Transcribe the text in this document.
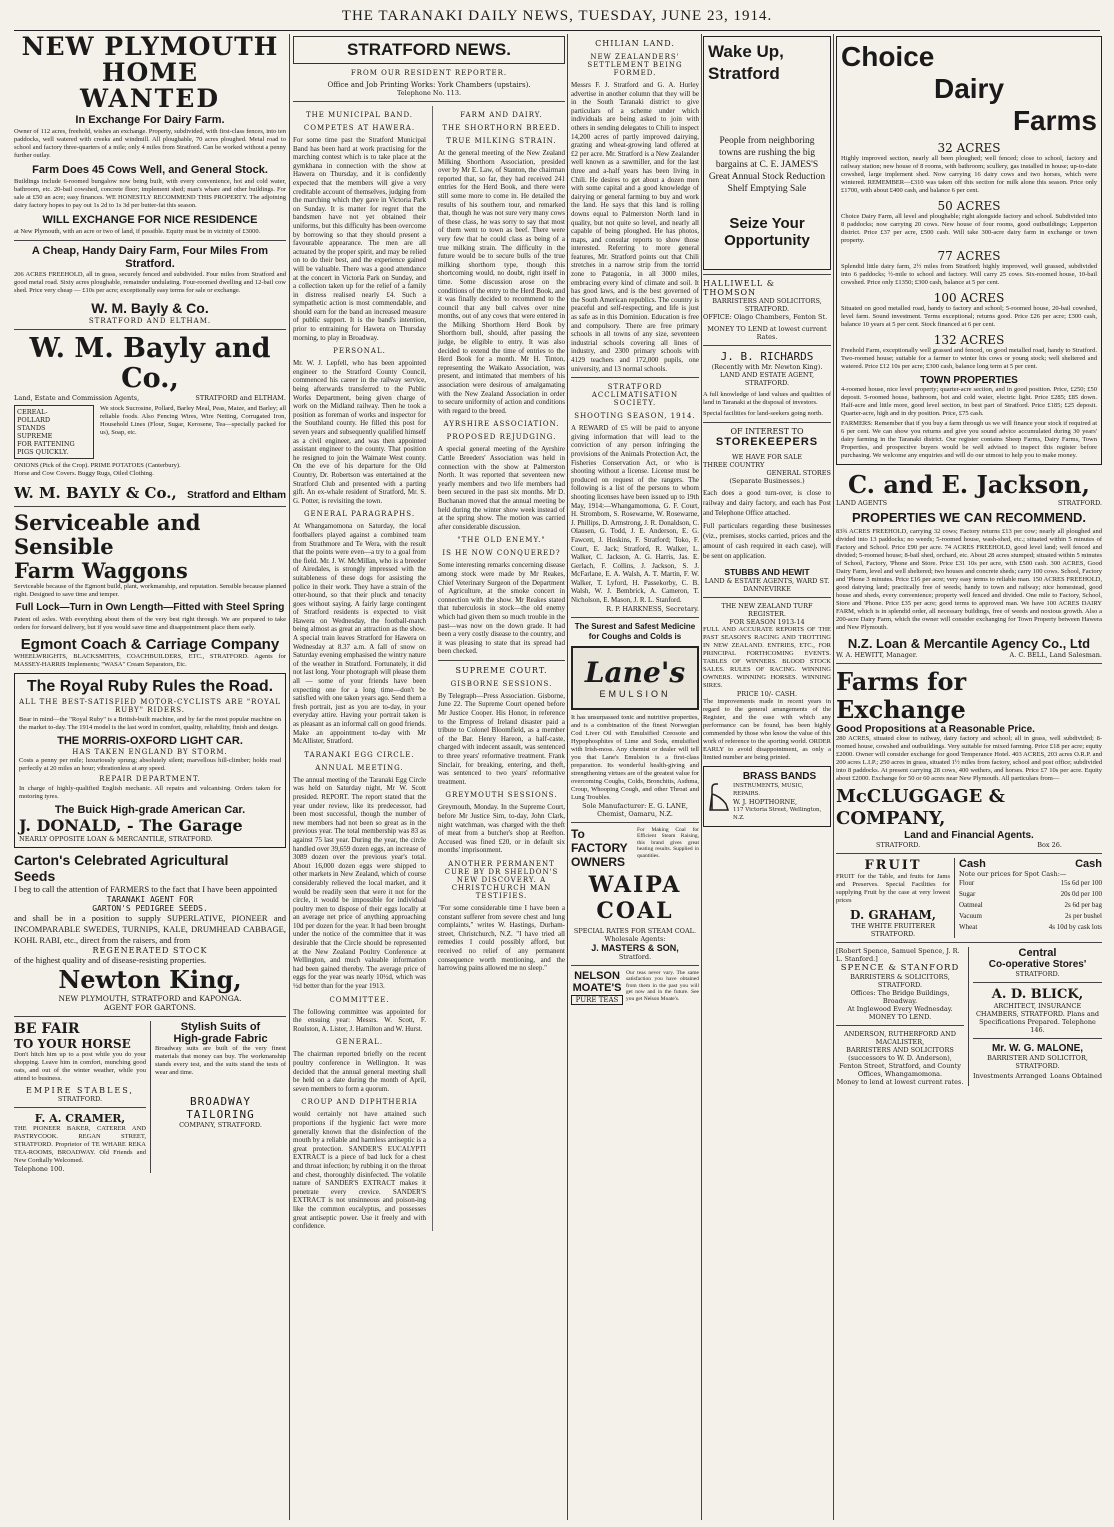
THE TARANAKI DAILY NEWS, TUESDAY, JUNE 23, 1914.
NEW PLYMOUTH HOME
WANTED
In Exchange For Dairy Farm.

Owner of 112 acres, freehold, wishes an exchange. Property, subdivided, with first-class fences, into ten paddocks, well watered with creeks and windmill. All ploughable, 70 acres ploughed. Metal road to school and factory three-quarters of a mile; only 4 miles from Stratford. Can be worked without a penny further outlay.

Farm Does 45 Cows Well, and General Stock.

Buildings include 6-roomed bungalow now being built, with every convenience, hot and cold water, bathroom, etc. 20-bail cowshed, concrete floor; implement shed; man's whare and other buildings. For sale at £50 an acre; easy finances. WE HONESTLY RECOMMEND THIS PROPERTY. The adjoining dairy factory hopes to pay out 1s 2d to 1s 3d per butter-fat this season.

WILL EXCHANGE FOR NICE RESIDENCE

at New Plymouth, with an acre or two of land, if possible. Equity must be in vicinity of £3000.

A Cheap, Handy Dairy Farm, Four Miles From Stratford.

206 ACRES FREEHOLD, all in grass, securely fenced and subdivided. Four miles from Stratford and good metal road. Sixty acres ploughable, remainder undulating. Four-roomed dwelling and 12-bail cow shed. Price very cheap — £10s per acre; exceptionally easy terms for sale or exchange.

W. M. Bayly & Co.
STRATFORD AND ELTHAM.
W. M. Bayly and Co.,
Land, Estate and Commission Agents,	STRATFORD and ELTHAM.
CEREAL-
POLLARD
STANDS
SUPREME
FOR FATTENING
PIGS QUICKLY.

We stock Sucrosine, Pollard, Barley Meal, Peas, Maize, and Barley; all reliable foods. Also Fencing Wires, Wire Netting, Corrugated Iron, Household Lines (Flour, Sugar, Kerosene, Tea—specially packed for us), Soap, etc.

ONIONS (Pick of the Crop). PRIME POTATOES (Canterbury).

Horse and Cow Covers. Buggy Rugs, Oiled Clothing.

W. M. BAYLY & Co., Stratford and Eltham
Serviceable and Sensible
Farm Waggons

Serviceable because of the Egmont build, plant, workmanship, and reputation. Sensible because planned right. Designed to save time and temper.

Full Lock—Turn in Own Length—Fitted with Steel Spring

Patent oil axles. With everything about them of the very best right through. We are prepared to take orders for forward delivery, but if you would save time and disappointment place them early.

Egmont Coach & Carriage Company

WHEELWRIGHTS, BLACKSMITHS, COACHBUILDERS, ETC., STRATFORD. Agents for MASSEY-HARRIS Implements; "WASA" Cream Separators, Etc.

The Royal Ruby Rules the Road.
ALL THE BEST-SATISFIED MOTOR-CYCLISTS ARE "ROYAL RUBY" RIDERS.

Bear in mind—the "Royal Ruby" is a British-built machine, and by far the most popular machine on the market to-day. The 1914 model is the last word in comfort, quality, reliability, finish and design.

THE MORRIS-OXFORD LIGHT CAR.
HAS TAKEN ENGLAND BY STORM.

Costs a penny per mile; luxuriously sprung; absolutely silent; marvellous hill-climber; holds road perfectly at 20 miles an hour; vibrationless at any speed.

REPAIR DEPARTMENT.

In charge of highly-qualified English mechanic. All repairs and vulcanising. Orders taken for motoring tyres.

The Buick High-grade American Car.
J. DONALD, - The Garage
NEARLY OPPOSITE LOAN & MERCANTILE, STRATFORD.
Carton's Celebrated Agricultural
Seeds

I beg to call the attention of FARMERS to the fact that I have been appointed

TARANAKI AGENT FOR
GARTON'S PEDIGREE SEEDS.

and shall be in a position to supply SUPERLATIVE, PIONEER and INCOMPARABLE SWEDES, TURNIPS, KALE, DRUMHEAD CABBAGE, KOHL RABI, etc., direct from the raisers, and from

REGENERATED STOCK

of the highest quality and of disease-resisting properties.

Newton King,
NEW PLYMOUTH, STRATFORD and KAPONGA.
AGENT FOR GARTONS.
BE FAIR
TO YOUR HORSE

Don't hitch him up to a post while you do your shopping. Leave him in comfort, munching good oats, and out of the winter weather, while you attend to business.

EMPIRE STABLES,
STRATFORD.
F. A. CRAMER,

THE PIONEER BAKER, CATERER AND PASTRYCOOK. REGAN STREET, STRATFORD. Proprietor of TE WHARE REKA TEA-ROOMS, BROADWAY. Old Friends and New Cordially Welcomed.

Telephone 100.
Stylish Suits of
High-grade Fabric

Broadway suits are built of the very finest materials that money can buy. The workmanship stands every test, and the suits stand the tests of wear and time.

BROADWAY
TAILORING
COMPANY, STRATFORD.
STRATFORD NEWS.
FROM OUR RESIDENT REPORTER.
Office and Job Printing Works: York Chambers (upstairs).
Telephone No. 113.
THE MUNICIPAL BAND.
COMPETES AT HAWERA.

For some time past the Stratford Municipal Band has been hard at work practising for the marching contest which is to take place at the gymkhana in connection with the show at Hawera on Thursday, and it is confidently expected that the members will give a very creditable account of themselves, judging from the marching which they gave in Victoria Park on Sunday. It is matter for regret that the bandsmen have not yet obtained their uniforms, but this difficulty has been overcome by borrowing so that they should present a favourable appearance. The men are all actuated by the proper spirit, and may be relied on to do their best, and the experience gained will be valuable. There was a good attendance at the concert in Victoria Park on Sunday, and a collection taken up for the relief of a family in distress realised nearly £4. Such a sympathetic action is most commendable, and should earn for the band an increased measure of public support. It is the band's intention, prior to entraining for Hawera on Thursday morning, to play in Broadway.

PERSONAL.

Mr. W. J. Lepfell, who has been appointed engineer to the Stratford County Council, commenced his career in the railway service, being afterwards transferred to the Public Works Department, being given charge of work on the Midland railway. Then he took a position as foreman of works and inspector for the Southland county. He filled this post for seven years and subsequently qualified himself as a civil engineer, and was then appointed assistant engineer to the county. That position he resigned to join the Waimate West county. On the eve of his departure for the Old Country, Dr. Robertson was entertained at the Stratford Club and presented with a parting gift. An ex-whale resident of Stratford, Mr. S. G. Potter, is revisiting the town.

GENERAL PARAGRAPHS.

At Whangamomona on Saturday, the local footballers played against a combined team from Strathmore and Te Wera, with the result that the points were even—a try to a goal from the field. Mr. J. W. McMillan, who is a breeder of Airedales, is strongly impressed with the suitableness of these dogs for assisting the police in their work. They have a strain of the otter-hound, so that their pluck and tenacity goes without saying. A fairly large contingent of Stratford residents is expected to visit Hawera on Wednesday, the football-match being almost as great an attraction as the show. A special train leaves Stratford for Hawera on Wednesday at 8.37 a.m. A fall of snow on Saturday evening emphasised the wintry nature of the weather in Stratford. Fortunately, it did not last long. Your photograph will please them all — some of your friends have been expecting one for a long time—don't be satisfied with one taken years ago. Send them a fresh portrait, just as you are to-day, in your everyday attire. Having your portrait taken is as pleasant as an informal call on good friends. Make an appointment to-day with Mr McAllister, Stratford.

TARANAKI EGG CIRCLE.
ANNUAL MEETING.

The annual meeting of the Taranaki Egg Circle was held on Saturday night, Mr W. Scott presided. REPORT. The report stated that the year under review, like its predecessor, had been most successful, though the number of new members had not been so great as in the previous year. The total membership was 83 as against 75 last year. During the year, the circle handled over 39,659 dozen eggs, an increase of 3089 dozen over the previous year's total. About 16,000 dozen eggs were shipped to other markets in New Zealand, which of course considerably relieved the local market, and it would be readily seen that were it not for the circle, it would be impossible for individual poultry men to dispose of their eggs locally at an average net price of anything approaching 10d per dozen for the year. It had been brought under the notice of the committee that it was desirable that the Circle should be represented at the New Zealand Poultry Conference at Wellington, and much valuable information had been gained thereby. The average price of eggs for the year was nearly 10½d, which was ½d better than for the year 1913.

COMMITTEE.

The following committee was appointed for the ensuing year: Messrs. W. Scott, F. Roulston, A. Lister, J. Hamilton and W. Hurst.

GENERAL.

The chairman reported briefly on the recent poultry conference in Wellington. It was decided that the annual general meeting shall be held on a date during the month of April, seven members to form a quorum.

CROUP AND DIPHTHERIA

would certainly not have attained such proportions if the hygienic fact were more generally known that the disinfection of the mouth by a reliable and harmless antiseptic is a great protection. SANDER'S EUCALYPTI EXTRACT is a piece of bad luck for a chest and throat infection; by rubbing it on the throat and chest, thoroughly disinfected. The volatile nature of SANDER'S EXTRACT makes it penetrate every crevice. SANDER'S EXTRACT is not unsinneous and poison-ing like the common eucalyptus, and possesses great antiseptic power. Use it freely and with confidence.

FARM AND DAIRY.
THE SHORTHORN BREED.
TRUE MILKING STRAIN.

At the general meeting of the New Zealand Milking Shorthorn Association, presided over by Mr E. Law, of Stanton, the chairman reported that, so far, they had received 241 entries for the Herd Book, and there were still some more to come in. He detailed the results of his southern tour, and remarked that, though he was not sure very many cows of these class, he was sorry to say that most of them went to town as beef. There were very few that he could class as being of a true milking strain. The difficulty in the future would be to secure bulls of the true milking shorthorn type, though this shortcoming would, no doubt, right itself in time. Some discussion arose on the conditions of the entry to the Herd Book, and it was finally decided to recommend to the council that any bull calves over nine months, out of any cows that were entered in the Milking Shorthorn Herd Book by Shorthorn bull, should, after passing the judge, be eligible to entry. It was also decided to extend the time of entries to the Herd Book for a month. Mr H. Tinton, representing the Waikato Association, was present, and intimated that members of his association were desirous of amalgamating with the New Zealand Association in order to secure uniformity of action and conditions with regard to the breed.

AYRSHIRE ASSOCIATION.
PROPOSED REJUDGING.

A special general meeting of the Ayrshire Cattle Breeders' Association was held in connection with the show at Palmerston North. It was reported that seventeen new yearly members and two life members had been secured in the past six months. Mr D. Buchanan moved that the annual meeting be held during the winter show week instead of at the spring show. The motion was carried after considerable discussion.

"THE OLD ENEMY."
IS HE NOW CONQUERED?

Some interesting remarks concerning disease among stock were made by Mr Reakes, Chief Veterinary Surgeon of the Department of Agriculture, at the smoke concert in connection with the show. Mr Reakes stated that tuberculosis in stock—the old enemy which had given them so much trouble in the past—was now on the down grade. It had been a very costly disease to the country, and it was pleasing to state that its spread had been checked.

SUPREME COURT.
GISBORNE SESSIONS.

By Telegraph—Press Association. Gisborne, June 22. The Supreme Court opened before Mr Justice Cooper. His Honor, in reference to the Empress of Ireland disaster paid a tribute to Colonel Bloomfield, as a member of the Bar. Henry Hareon, a half-caste, charged with indecent assault, was sentenced to three years' reformative treatment. Frank Sinclair, for breaking, entering, and theft, was sentenced to two years' reformative treatment.

GREYMOUTH SESSIONS.

Greymouth, Monday. In the Supreme Court, before Mr Justice Sim, to-day, John Clark, night watchman, was charged with the theft of meat from a butcher's shop at Reefton. Accused was fined £20, or in default six months' imprisonment.

ANOTHER PERMANENT CURE BY DR SHELDON'S NEW DISCOVERY. A CHRISTCHURCH MAN TESTIFIES.

"For some considerable time I have been a constant sufferer from severe chest and lung complaints," writes W. Hastings, Durham-street, Christchurch, N.Z. "I have tried all remedies I could possibly afford, but received no relief of any permanent consequence worth mentioning, and the harrowing pains allowed me no sleep."

CHILIAN LAND.
NEW ZEALANDERS' SETTLEMENT BEING FORMED.

Messrs F. J. Stratford and G. A. Hurley advertise in another column that they will be in the South Taranaki district to give particulars of a scheme under which individuals are being asked to join with others in sending delegates to Chili to inspect 14,200 acres of partly improved dairying, grazing and wheat-growing land offered at £2 per acre. Mr. Stratford is a New Zealander well known as a sawmiller, and for the last three and a-half years has been living in Chili. He desires to get about a dozen men with some capital and a good knowledge of dairying or general farming to buy and work the land. He says that this land is rolling downs equal to Palmerston North land in quality, but not quite so level, and nearly all capable of being ploughed. He has photos, maps, and consular reports to show those interested. Referring to more general features, Mr. Stratford points out that Chili stretches in a narrow strip from the torrid zone to Patagonia, in all 3000 miles, embracing every kind of climate and soil. It has good laws, and is the best governed of the South American republics. The country is peaceful and self-respecting, and life is just as safe as in this Dominion. Education is free and compulsory. There are free primary schools in all towns of any size, seventeen industrial schools covering all lines of industry, and 2300 primary schools with 4129 teachers and 172,000 pupils, one university, and 13 normal schools.

STRATFORD ACCLIMATISATION SOCIETY.
SHOOTING SEASON, 1914.

A REWARD of £5 will be paid to anyone giving information that will lead to the conviction of any person infringing the provisions of the Animals Protection Act, the Fisheries Conservation Act, or who is shooting without a license. License must be produced on request of the rangers. The following is a list of the persons to whom shooting licenses have been issued up to 19th May, 1914:—Whangamomona, G. F. Court, H. Strombom, S. Rosewarne, W. Rosewarne, J. Phillips, D. Armstrong, J. R. Donaldson, C. Olausen, G. Todd, J. E. Anderson, E. G. Fawcett, J. Hoskins, F. Stratford; Toko, F. Court, E. Jack; Stratford, R. Walker, L. Walker, C. Jackson, A. G. Harris, Jas. E. Gerlach, F. Collins, J. Jackson, S. J. McFarlane, E. A. Walsh, A. T. Martin, F. W. Walker, T. Lyford, H. Passekorby, C. B. Walsh, W. J. Bembrick, A. Cameron, T. Nicholson, E. Mason, J. R. L. Stanford.

R. P. HARKNESS, Secretary.
The Surest and Safest Medicine for Coughs and Colds is
Lane's
EMULSION

It has unsurpassed tonic and nutritive properties, and is a combination of the finest Norwegian Cod Liver Oil with Emulsified Creosote and Hypophosphites of Lime and Soda, emulsified with Irish-moss. Any chemist or dealer will tell you that Lane's Emulsion is a first-class preparation. Its wonderful health-giving and strengthening virtues are of the greatest value for overcoming Coughs, Colds, Bronchitis, Asthma, Croup, Whooping Cough, and other Throat and Lung Troubles.

Sole Manufacturer: E. G. LANE, Chemist, Oamaru, N.Z.
To FACTORY
OWNERS

For Making Coal for Efficient Steam Raising, this brand gives great heating results. Supplied in quantities.

WAIPA COAL
SPECIAL RATES FOR STEAM COAL.
Wholesale Agents:
J. MASTERS & SON,
Stratford.
NELSON
MOATE'S
PURE TEAS

Our teas never vary. The same satisfaction you have obtained from them in the past you will get now and in the future. See you get Nelson Moate's.

Wake Up,
Stratford

People from neighboring towns are rushing the big bargains at C. E. JAMES'S Great Annual Stock Reduction Shelf Emptying Sale

Seize Your
Opportunity
HALLIWELL & THOMSON
BARRISTERS AND SOLICITORS, STRATFORD.
OFFICE: Olago Chambers, Fenton St.
MONEY TO LEND at lowest current Rates.
J. B. RICHARDS
(Recently with Mr. Newton King). LAND AND ESTATE AGENT, STRATFORD.

A full knowledge of land values and qualities of land in Taranaki at the disposal of investors.

Special facilities for land-seekers going north.

OF INTEREST TO
STOREKEEPERS
WE HAVE FOR SALE
THREE COUNTRY
GENERAL STORES
(Separate Businesses.)

Each does a good turn-over, is close to railway and dairy factory, and each has Post and Telephone Office attached.

Full particulars regarding these businesses (viz., premises, stocks carried, prices and the amount of cash required in each case), will be sent on application.

STUBBS AND HEWIT
LAND & ESTATE AGENTS, WARD ST. DANNEVIRKE
THE NEW ZEALAND TURF
REGISTER.
FOR SEASON 1913-14

FULL AND ACCURATE REPORTS OF THE PAST SEASON'S RACING AND TROTTING IN NEW ZEALAND. ENTRIES, ETC., FOR PRINCIPAL FORTHCOMING EVENTS. TABLES OF WINNERS. BLOOD STOCK SALES. RULES OF RACING. WINNING OWNERS. WINNING HORSES. WINNING SIRES.

PRICE 10/- CASH.

The improvements made in recent years in regard to the general arrangements of the Register, and the ease with which any performance can be found, has been highly commended by those who know the value of this work of reference to the sporting world. ORDER EARLY to avoid disappointment, as only a limited number are being printed.

BRASS BANDS
INSTRUMENTS, MUSIC, REPAIRS.
W. J. HOPTHORNE,
117 Victoria Street, Wellington, N.Z.
Choice
Dairy
Farms
32 ACRES

Highly improved section, nearly all been ploughed; well fenced; close to school, factory and railway station; new house of 8 rooms, with bathroom; scullery, gas installed in house; up-to-date cowshed, large implement shed. Now carrying 16 dairy cows and two horses, which were wintered. REMEMBER—£310 was taken off this section for milk alone this season. Price only £1700, with about £400 cash, and balance 6 per cent.

50 ACRES

Choice Dairy Farm, all level and ploughable; right alongside factory and school. Subdivided into 8 paddocks; now carrying 20 cows. New house of four rooms, good outbuildings; Lepperton district. Price £37 per acre, £500 cash. Will take 300-acre dairy farm in exchange or town property.

77 ACRES

Splendid little dairy farm, 2½ miles from Stratford; highly improved, well grassed, subdivided into 6 paddocks; ½-mile to school and factory. Will carry 25 cows. Six-roomed house, 10-bail cowshed. Price only £1350; £300 cash, balance at 5 per cent.

100 ACRES

Situated on good metalled road, handy to factory and school; 5-roomed house, 20-bail cowshed, level farm. Sound investment. Terms exceptional; returns good. Price £26 per acre; £300 cash, balance 10 years at 5 per cent. Stock financed at 6 per cent.

132 ACRES

Freehold Farm, exceptionally well grassed and fenced, on good metalled road, handy to Stratford. Two-roomed house; suitable for a farmer to winter his cows or young stock; well sheltered and watered. Price £12 10s per acre; £300 cash, balance long term at 5 per cent.

TOWN PROPERTIES

4-roomed house, nice level property; quarter-acre section, and in good position. Price, £250; £50 deposit. 5-roomed house, bathroom, hot and cold water, electric light. Price £285; £85 down. Half-acre and little more, good level section, in best part of Stratford. Price £185; £25 deposit. Quarter-acre, high and in dry position. Price, £75 cash.

FARMERS: Remember that if you buy a farm through us we will finance your stock if required at 6 per cent. We can show you returns and give you sound advice accumulated during 30 years' dairy farming in the Taranaki district. Our register contains Sheep Farms, Dairy Farms, Town Properties, and prospective buyers would be well advised to inspect this register before purchasing. We welcome any enquiries and will do our utmost to help you to make money.

C. and E. Jackson,
LAND AGENTS	STRATFORD.
PROPERTIES WE CAN RECOMMEND.

83¾ ACRES FREEHOLD, carrying 32 cows; Factory returns £13 per cow; nearly all ploughed and divided into 13 paddocks; no weeds; 5-roomed house, wash-shed, etc.; situated within 5 minutes of Factory and School. Price £90 per acre. 74 ACRES FREEHOLD, good level land; well fenced and divided; 5-roomed house; 8-bail shed, orchard, etc. About 28 acres stumped; situated within 5 minutes of School, Factory, 'Phone and Store. Price £31 10s per acre, with £500 cash. 300 ACRES, Good Dairy Farm, level and well sheltered; two houses and concrete sheds; carry 100 cows. School, Factory and 'Phone 3 minutes. Price £16 per acre; very easy terms to reliable man. 150 ACRES FREEHOLD, good dairying land; practically free of weeds; handy to town and railway; nice homestead, good house and sheds, every convenience; property well fenced and divided. One mile to Factory, School, Store and 'Phone. Price £35 per acre; good terms to approved man. We have 100 ACRES DAIRY FARM, which is in splendid order, all necessary buildings, free of weeds and noxious growth. Also a 200-acre Dairy Farm, which the owner will consider exchanging for Town Property between Hawera and New Plymouth.

N.Z. Loan & Mercantile Agency Co., Ltd
W. A. HEWITT, Manager.	A. C. BELL, Land Salesman.
Farms for Exchange
Good Propositions at a Reasonable Price.

280 ACRES, situated close to railway, dairy factory and school; all in grass, well subdivided; 8-roomed house, cowshed and outbuildings. Very suitable for mixed farming. Price £18 per acre; equity £2000. Owner will consider exchange for good Temperance Hotel. 403 ACRES, 203 acres O.R.P. and 200 acres L.I.P.; 250 acres in grass, situated 1½ miles from factory, school and post office; subdivided into 8 paddocks. At present carrying 28 cows, 400 wethers, and horses. Price £7 10s per acre. Equity about £2000. Exchange for 50 or 60 acres near New Plymouth. All particulars from—

McCLUGGAGE & COMPANY,
Land and Financial Agents.
STRATFORD.	Box 26.
FRUIT

FRUIT for the Table, and fruits for Jams and Preserves. Special Facilities for supplying Fruit by the case at very lowest prices

D. GRAHAM,
THE WHITE FRUITERER STRATFORD.
Cash	Cash
Note our prices for Spot Cash:—
Flour	15s 6d per 100
Sugar	20s 0d per 100
Oatmeal	2s 6d per bag
Vacuum	2s per bushel
Wheat	4s 10d by cask lots
[Robert Spence, Samuel Spence, J. R. L. Stanford.]
SPENCE & STANFORD
BARRISTERS & SOLICITORS, STRATFORD.
Offices: The Bridge Buildings, Broadway.
At Inglewood Every Wednesday. MONEY TO LEND.
ANDERSON, RUTHERFORD AND MACALISTER,
BARRISTERS AND SOLICITORS (successors to W. D. Anderson),
Fenton Street, Stratford, and County Offices, Whangamomona.
Money to lend at lowest current rates.
Central
Co-operative Stores'
STRATFORD.
A. D. BLICK,
ARCHITECT, INSURANCE CHAMBERS, STRATFORD. Plans and Specifications Prepared. Telephone 146.
Mr. W. G. MALONE,
BARRISTER AND SOLICITOR, STRATFORD.
Investments Arranged Loans Obtained
